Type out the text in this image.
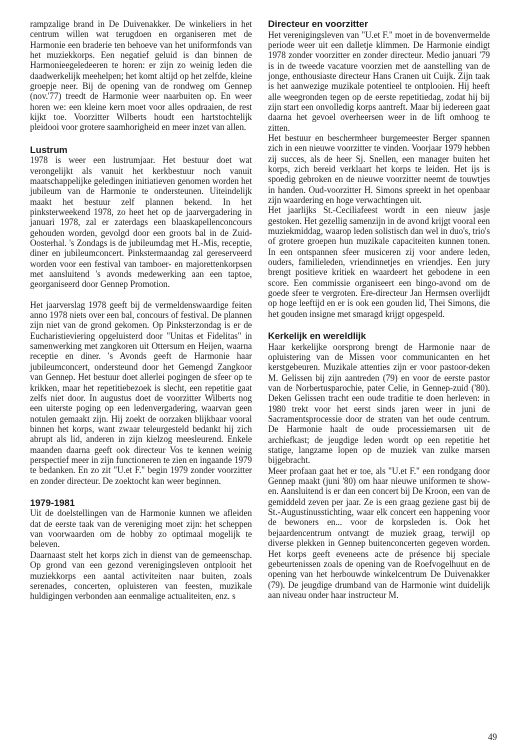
rampzalige brand in De Duivenakker. De winkeliers in het centrum willen wat terugdoen en organiseren met de Harmonie een braderie ten behoeve van het uniformfonds van het muziekkorps. Een negatief geluid is dan binnen de Harmonieegeledeeren te horen: er zijn zo weinig leden die daadwerkelijk meehelpen; het komt altijd op het zelfde, kleine groepje neer. Bij de opening van de rondweg om Gennep (nov.'77) treedt de Harmonie weer naarbuiten op. En weer horen we: een kleine kern moet voor alles opdraaien, de rest kijkt toe. Voorzitter Wilberts houdt een hartstochtelijk pleidooi voor grotere saamhorigheid en meer inzet van allen.

Lustrum

1978 is weer een lustrumjaar. Het bestuur doet wat verongelijkt als vanuit het kerkbestuur noch vanuit maatschappelijke geledingen initiatieven genomen worden het jubileum van de Harmonie te ondersteunen. Uiteindelijk maakt het bestuur zelf plannen bekend. In het pinksterweekend 1978, zo heet het op de jaarvergadering in januari 1978, zal er zaterdags een blaaskapellenconcours gehouden worden, gevolgd door een groots bal in de Zuid-Oosterhal. 's Zondags is de jubileumdag met H.-Mis, receptie, diner en jubileumconcert. Pinkstermaandag zal gereserveerd worden voor een festival van tamboer- en majorettenkorpsen met aansluitend 's avonds medewerking aan een taptoe, georganiseerd door Gennep Promotion.

Het jaarverslag 1978 geeft bij de vermeldenswaardige feiten anno 1978 niets over een bal, concours of festival. De plannen zijn niet van de grond gekomen. Op Pinksterzondag is er de Eucharistieviering opgeluisterd door "Unitas et Fidelitas" in samenwerking met zangkoren uit Ottersum en Heijen, waarna receptie en diner. 's Avonds geeft de Harmonie haar jubileumconcert, ondersteund door het Gemengd Zangkoor van Gennep. Het bestuur doet allerlei pogingen de sfeer op te krikken, maar het repetitiebezoek is slecht, een repetitie gaat zelfs niet door. In augustus doet de voorzitter Wilberts nog een uiterste poging op een ledenvergadering, waarvan geen notulen gemaakt zijn. Hij zoekt de oorzaken blijkbaar vooral binnen het korps, want zwaar teleurgesteld bedankt hij zich abrupt als lid, anderen in zijn kielzog meesleurend. Enkele maanden daarna geeft ook directeur Vos te kennen weinig perspectief meer in zijn functioneren te zien en ingaande 1979 te bedanken. En zo zit "U.et F." begin 1979 zonder voorzitter en zonder directeur. De zoektocht kan weer beginnen.

1979-1981

Uit de doelstellingen van de Harmonie kunnen we afleiden dat de eerste taak van de vereniging moet zijn: het scheppen van voorwaarden om de hobby zo optimaal mogelijk te beleven.

Daarnaast stelt het korps zich in dienst van de gemeenschap. Op grond van een gezond verenigingsleven ontplooit het muziekkorps een aantal activiteiten naar buiten, zoals serenades, concerten, opluisteren van feesten, muzikale huldigingen verbonden aan eenmalige actualiteiten, enz. s

Directeur en voorzitter

Het verenigingsleven van "U.et F." moet in de bovenvermelde periode weer uit een dalletje klimmen. De Harmonie eindigt 1978 zonder voorzitter en zonder directeur. Medio januari '79 is in de tweede vacature voorzien met de aanstelling van de jonge, enthousiaste directeur Hans Cranen uit Cuijk. Zijn taak is het aanwezige muzikale potentieel te ontplooien. Hij heeft alle weegronden tegen op de eerste repetitiedag, zodat hij bij zijn start een onvolledig korps aantreft. Maar bij iedereen gaat daarna het gevoel overheersen weer in de lift omhoog te zitten.

Het bestuur en beschermheer burgemeester Berger spannen zich in een nieuwe voorzitter te vinden. Voorjaar 1979 hebben zij succes, als de heer Sj. Snellen, een manager buiten het korps, zich bereid verklaart het korps te leiden. Het ijs is spoedig gebroken en de nieuwe voorzitter neemt de touwtjes in handen. Oud-voorzitter H. Simons spreekt in het openbaar zijn waardering en hoge verwachtingen uit.

Het jaarlijks St.-Ceciliafeest wordt in een nieuw jasje gestoken. Het gezellig samenzijn in de avond krijgt vooral een muziekmiddag, waarop leden solistisch dan wel in duo's, trio's of grotere groepen hun muzikale capaciteiten kunnen tonen. In een ontspannen sfeer musiceren zij voor andere leden, ouders, familieleden, vriendinnetjes en vriendjes. Een jury brengt positieve kritiek en waardeert het gebodene in een score. Een commissie organiseert een bingo-avond om de goede sfeer te vergroten. Ere-directeur Jan Hermsen overlijdt op hoge leeftijd en er is ook een gouden lid, Thei Simons, die het gouden insigne met smaragd krijgt opgespeld.

Kerkelijk en wereldlijk

Haar kerkelijke oorsprong brengt de Harmonie naar de opluistering van de Missen voor communicanten en het kerstgebeuren. Muzikale attenties zijn er voor pastoor-deken M. Gelissen bij zijn aantreden (79) en voor de eerste pastor van de Norbertusparochie, pater Celie, in Gennep-zuid ('80). Deken Gelissen tracht een oude traditie te doen herleven: in 1980 trekt voor het eerst sinds jaren weer in juni de Sacramentsprocessie door de straten van het oude centrum. De Harmonie haalt de oude processiemarsen uit de archiefkast; de jeugdige leden wordt op een repetitie het statige, langzame lopen op de muziek van zulke marsen bijgebracht.

Meer profaan gaat het er toe, als "U.et F." een rondgang door Gennep maakt (juni '80) om haar nieuwe uniformen te show-en. Aansluitend is er dan een concert bij De Kroon, een van de gemiddeld zeven per jaar. Ze is een graag geziene gast bij de St.-Augustinusstichting, waar elk concert een happening voor de bewoners en... voor de korpsleden is. Ook het bejaardencentrum ontvangt de muziek graag, terwijl op diverse plekken in Gennep buitenconcerten gegeven worden. Het korps geeft eveneens acte de présence bij speciale gebeurtenissen zoals de opening van de Roefvogelhuut en de opening van het herbouwde winkelcentrum De Duivenakker (79). De jeugdige drumband van de Harmonie wint duidelijk aan niveau onder haar instructeur M.

49
